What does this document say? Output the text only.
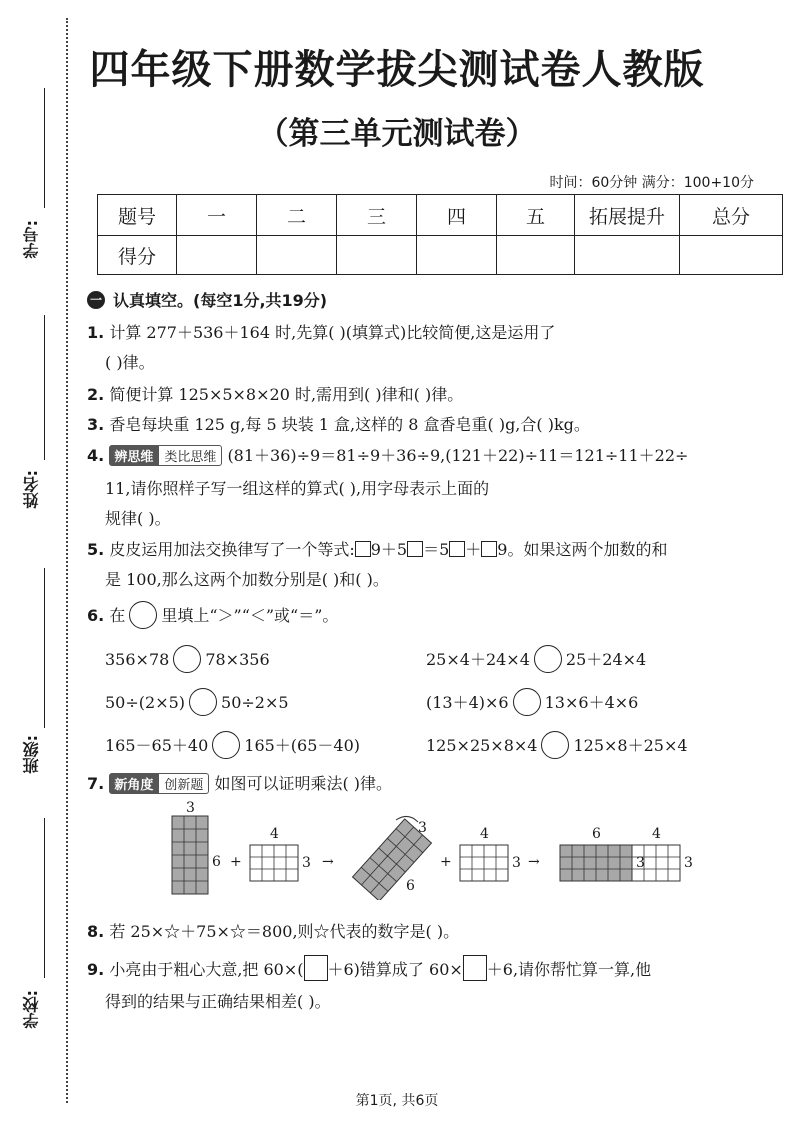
学号:
姓名:
班级:
学校:
四年级下册数学拔尖测试卷人教版
（第三单元测试卷）
时间：60分钟 满分：100+10分
题号	一	二	三	四	五	拓展提升	总分
得分							
一 认真填空。(每空1分,共19分)
1. 计算 277＋536＋164 时,先算( )(填算式)比较简便,这是运用了
( )律。
2. 简便计算 125×5×8×20 时,需用到( )律和( )律。
3. 香皂每块重 125 g,每 5 块装 1 盒,这样的 8 盒香皂重( )g,合( )kg。
4. 辨思维 类比思维 (81＋36)÷9＝81÷9＋36÷9,(121＋22)÷11＝121÷11＋22÷
11,请你照样子写一组这样的算式( ),用字母表示上面的
规律( )。
5. 皮皮运用加法交换律写了一个等式: 9＋5 ＝5 ＋ 9。如果这两个加数的和
是 100,那么这两个加数分别是( )和( )。
6. 在 里填上“＞”“＜”或“＝”。
356×78 78×356	25×4＋24×4 25＋24×4
50÷(2×5) 50÷2×5	(13＋4)×6 13×6＋4×6
165－65＋40 165＋(65－40)	125×25×8×4 125×8＋25×4
7. 新角度 创新题 如图可以证明乘法( )律。
3
6 +
4
3 →
3
6
+
4
3 →
6	4
3	3
8. 若 25×☆＋75×☆＝800,则☆代表的数字是( )。
9. 小亮由于粗心大意,把 60×( ＋6)错算成了 60× ＋6,请你帮忙算一算,他
得到的结果与正确结果相差( )。
第1页, 共6页
